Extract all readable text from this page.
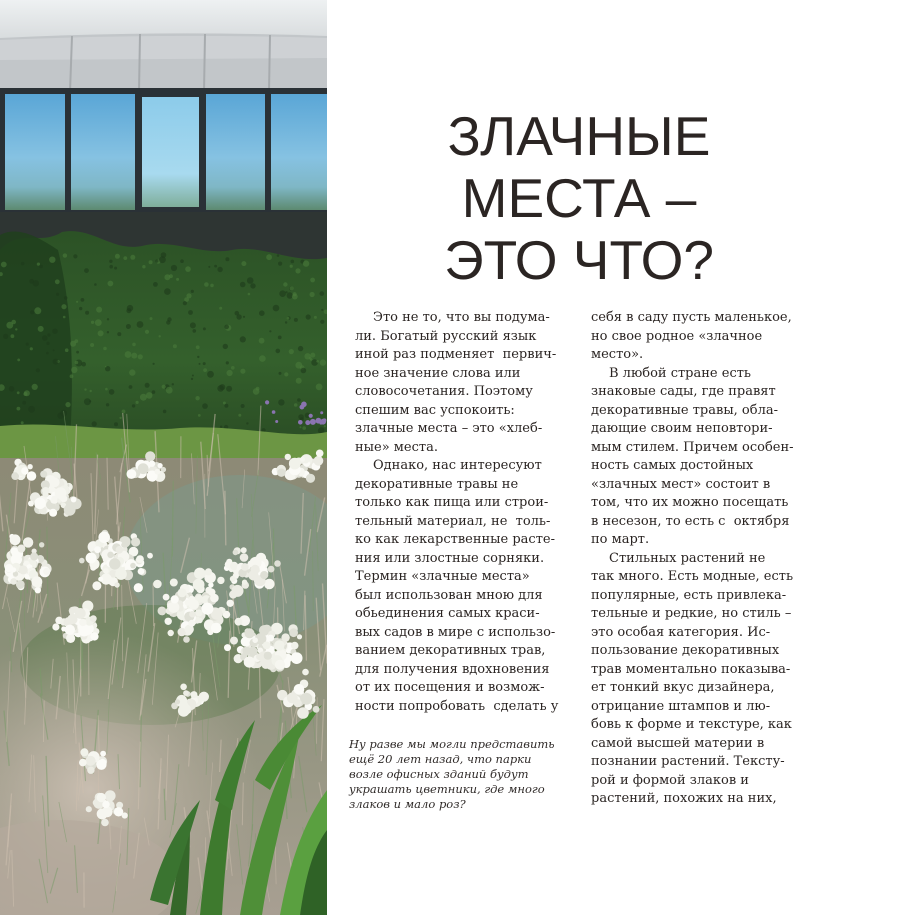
ЗЛАЧНЫЕ
МЕСТА –
ЭТО ЧТО?
Это не то, что вы подума-
ли. Богатый русский язык
иной раз подменяет  первич-
ное значение слова или
словосочетания. Поэтому
спешим вас успокоить:
злачные места – это «хлеб-
ные» места.
Однако, нас интересуют
декоративные травы не
только как пища или строи-
тельный материал, не  толь-
ко как лекарственные расте-
ния или злостные сорняки.
Термин «злачные места»
был использован мною для
обьединения самых краси-
вых садов в мире с использо-
ванием декоративных трав,
для получения вдохновения
от их посещения и возмож-
ности попробовать  сделать у
Ну разве мы могли представить
ещё 20 лет назад, что парки
возле офисных зданий будут
украшать цветники, где много
злаков и мало роз?
себя в саду пусть маленькое,
но свое родное «злачное
место».
В любой стране есть
знаковые сады, где правят
декоративные травы, обла-
дающие своим неповтори-
мым стилем. Причем особен-
ность самых достойных
«злачных мест» состоит в
том, что их можно посещать
в несезон, то есть с  октября
по март.
Стильных растений не
так много. Есть модные, есть
популярные, есть привлека-
тельные и редкие, но стиль –
это особая категория. Ис-
пользование декоративных
трав моментально показыва-
ет тонкий вкус дизайнера,
отрицание штампов и лю-
бовь к форме и текстуре, как
самой высшей материи в
познании растений. Тексту-
рой и формой злаков и
растений, похожих на них,
